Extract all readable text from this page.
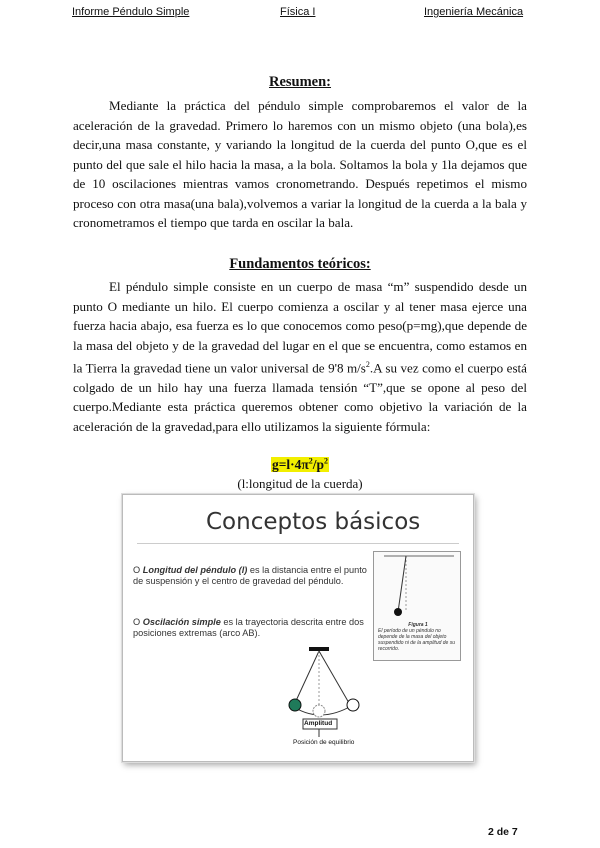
Informe Péndulo Simple	Física I	Ingeniería Mecánica
Resumen:

Mediante la práctica del péndulo simple comprobaremos el valor de la aceleración de la gravedad. Primero lo haremos con un mismo objeto (una bola),es decir,una masa constante, y variando la longitud de la cuerda del punto O,que es el punto del que sale el hilo hacia la masa, a la bola. Soltamos la bola y 1la dejamos que de 10 oscilaciones mientras vamos cronometrando. Después repetimos el mismo proceso con otra masa(una bala),volvemos a variar la longitud de la cuerda a la bala y cronometramos el tiempo que tarda en oscilar la bala.

Fundamentos teóricos:

El péndulo simple consiste en un cuerpo de masa “m” suspendido desde un punto O mediante un hilo. El cuerpo comienza a oscilar y al tener masa ejerce una fuerza hacia abajo, esa fuerza es lo que conocemos como peso(p=mg),que depende de la masa del objeto y de la gravedad del lugar en el que se encuentra, como estamos en la Tierra la gravedad tiene un valor universal de 9'8 $m/s^2.A$ su vez como el cuerpo está colgado de un hilo hay una fuerza llamada tensión “T”,que se opone al peso del cuerpo.Mediante esta práctica queremos obtener como objetivo la variación de la aceleración de la gravedad,para ello utilizamos la siguiente fórmula:

$g=l\cdot 4\pi^2/p^2$
(l:longitud de la cuerda)
Conceptos básicos
O Longitud del péndulo (l) es la distancia entre el punto de suspensión y el centro de gravedad del péndulo.
O Oscilación simple es la trayectoria descrita entre dos posiciones extremas (arco AB).
Figura 1
El período de un péndulo no depende de la masa del objeto suspendido ni de la amplitud de su recorrido.
Amplitud
Posición de equilibrio
2 de 7
